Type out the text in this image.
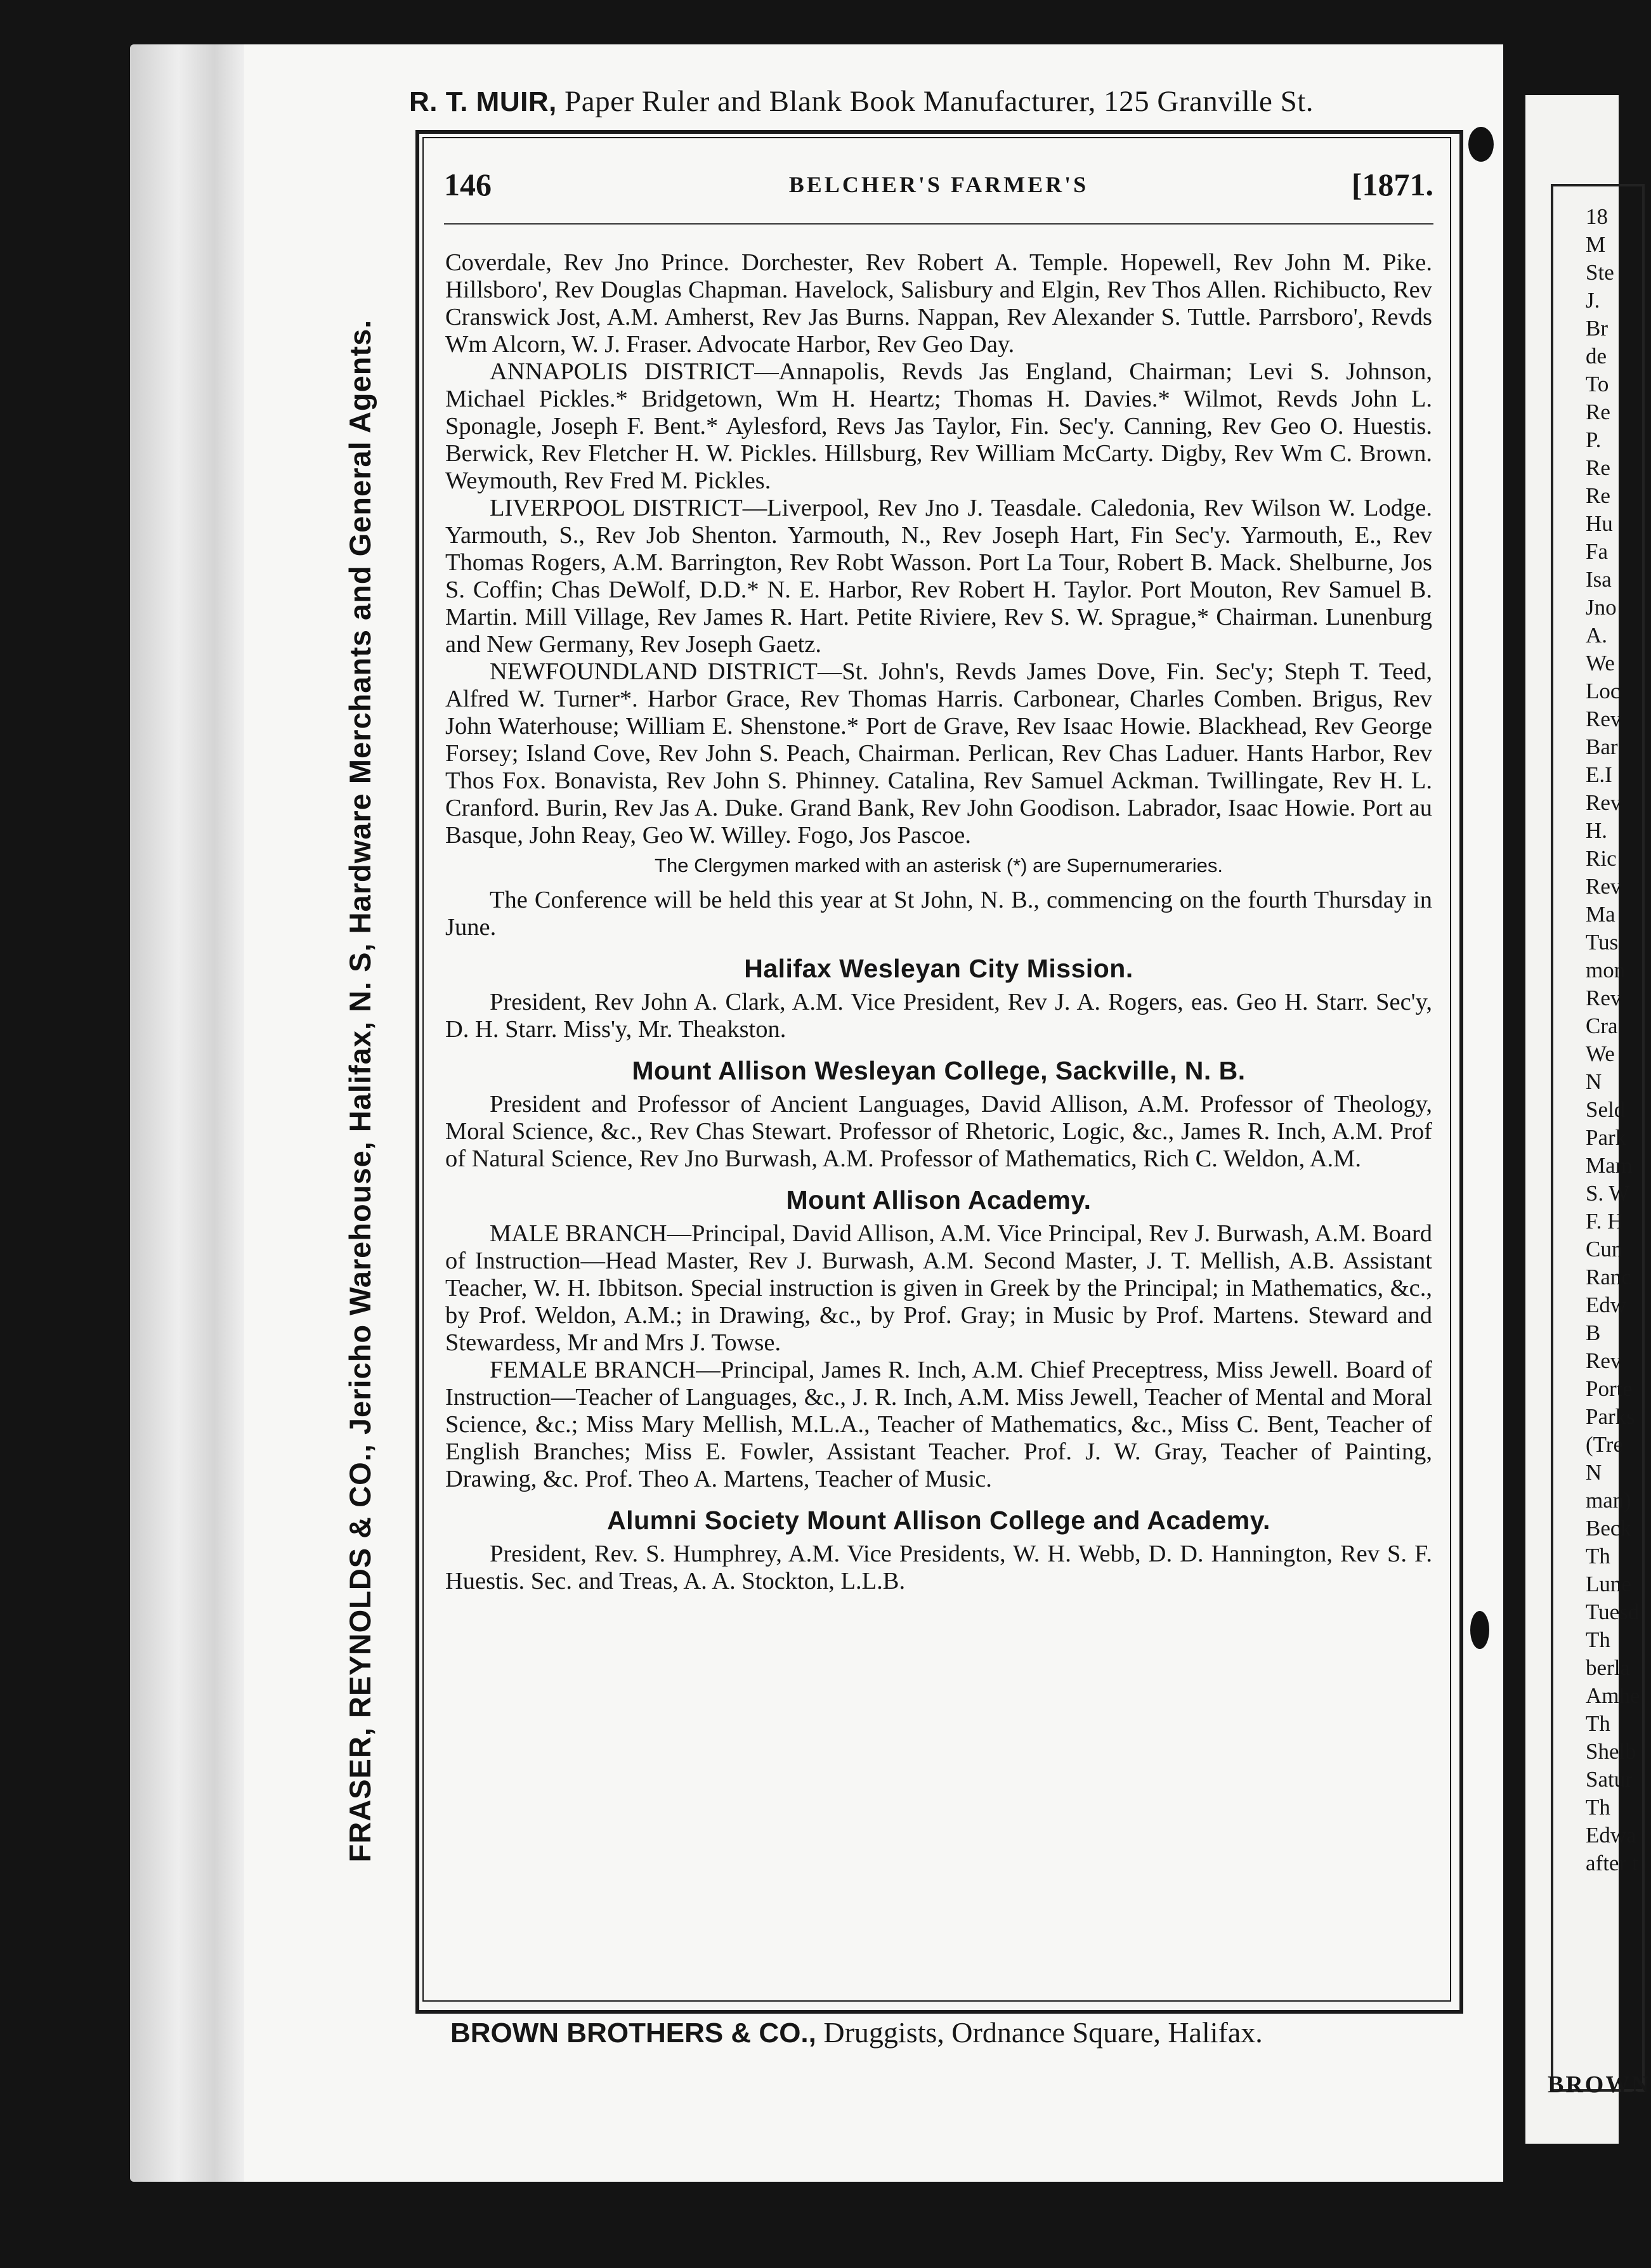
18
M
Ste
J.
Br
de
To
Re
P.
Re
Re
Hu
Fa
Isa
Jno
A.
We
Loc
Rev
Bar
E.I
Rev
H.
Ric
Rev
Ma
Tus
mon
Rev
Cra
We
N
Seld
Park
Mam
S. W
F. H
Cun
Ranc
Edw
B
Rev
Porte
Parks
(Tre
N
man)
Beck
Th
Lune
Tuesd
Th
berla
Amhe
Th
Shelb
Satur
Th
Edwa
after t
BROWN
FRASER, REYNOLDS & CO., Jericho Warehouse, Halifax, N. S, Hardware Merchants and General Agents.
R. T. MUIR, Paper Ruler and Blank Book Manufacturer, 125 Granville St.
146	BELCHER'S FARMER'S	[1871.

Coverdale, Rev Jno Prince. Dorchester, Rev Robert A. Temple. Hopewell, Rev John M. Pike. Hillsboro', Rev Douglas Chapman. Havelock, Salisbury and Elgin, Rev Thos Allen. Richibucto, Rev Cranswick Jost, A.M. Amherst, Rev Jas Burns. Nappan, Rev Alexander S. Tuttle. Parrsboro', Revds Wm Alcorn, W. J. Fraser. Advocate Harbor, Rev Geo Day.

ANNAPOLIS DISTRICT—Annapolis, Revds Jas England, Chairman; Levi S. Johnson, Michael Pickles.* Bridgetown, Wm H. Heartz; Thomas H. Davies.* Wilmot, Revds John L. Sponagle, Joseph F. Bent.* Aylesford, Revs Jas Taylor, Fin. Sec'y. Canning, Rev Geo O. Huestis. Berwick, Rev Fletcher H. W. Pickles. Hillsburg, Rev William McCarty. Digby, Rev Wm C. Brown. Weymouth, Rev Fred M. Pickles.

LIVERPOOL DISTRICT—Liverpool, Rev Jno J. Teasdale. Caledonia, Rev Wilson W. Lodge. Yarmouth, S., Rev Job Shenton. Yarmouth, N., Rev Joseph Hart, Fin Sec'y. Yarmouth, E., Rev Thomas Rogers, A.M. Barrington, Rev Robt Wasson. Port La Tour, Robert B. Mack. Shelburne, Jos S. Coffin; Chas DeWolf, D.D.* N. E. Harbor, Rev Robert H. Taylor. Port Mouton, Rev Samuel B. Martin. Mill Village, Rev James R. Hart. Petite Riviere, Rev S. W. Sprague,* Chairman. Lunenburg and New Germany, Rev Joseph Gaetz.

NEWFOUNDLAND DISTRICT—St. John's, Revds James Dove, Fin. Sec'y; Steph T. Teed, Alfred W. Turner*. Harbor Grace, Rev Thomas Harris. Carbonear, Charles Comben. Brigus, Rev John Waterhouse; William E. Shenstone.* Port de Grave, Rev Isaac Howie. Blackhead, Rev George Forsey; Island Cove, Rev John S. Peach, Chairman. Perlican, Rev Chas Laduer. Hants Harbor, Rev Thos Fox. Bonavista, Rev John S. Phinney. Catalina, Rev Samuel Ackman. Twillingate, Rev H. L. Cranford. Burin, Rev Jas A. Duke. Grand Bank, Rev John Goodison. Labrador, Isaac Howie. Port au Basque, John Reay, Geo W. Willey. Fogo, Jos Pascoe.

The Clergymen marked with an asterisk (*) are Supernumeraries.

The Conference will be held this year at St John, N. B., commencing on the fourth Thursday in June.

Halifax Wesleyan City Mission.

President, Rev John A. Clark, A.M. Vice President, Rev J. A. Rogers, eas. Geo H. Starr. Sec'y, D. H. Starr. Miss'y, Mr. Theakston.

Mount Allison Wesleyan College, Sackville, N. B.

President and Professor of Ancient Languages, David Allison, A.M. Professor of Theology, Moral Science, &c., Rev Chas Stewart. Professor of Rhetoric, Logic, &c., James R. Inch, A.M. Prof of Natural Science, Rev Jno Burwash, A.M. Professor of Mathematics, Rich C. Weldon, A.M.

Mount Allison Academy.

MALE BRANCH—Principal, David Allison, A.M. Vice Principal, Rev J. Burwash, A.M. Board of Instruction—Head Master, Rev J. Burwash, A.M. Second Master, J. T. Mellish, A.B. Assistant Teacher, W. H. Ibbitson. Special instruction is given in Greek by the Principal; in Mathematics, &c., by Prof. Weldon, A.M.; in Drawing, &c., by Prof. Gray; in Music by Prof. Martens. Steward and Stewardess, Mr and Mrs J. Towse.

FEMALE BRANCH—Principal, James R. Inch, A.M. Chief Preceptress, Miss Jewell. Board of Instruction—Teacher of Languages, &c., J. R. Inch, A.M. Miss Jewell, Teacher of Mental and Moral Science, &c.; Miss Mary Mellish, M.L.A., Teacher of Mathematics, &c., Miss C. Bent, Teacher of English Branches; Miss E. Fowler, Assistant Teacher. Prof. J. W. Gray, Teacher of Painting, Drawing, &c. Prof. Theo A. Martens, Teacher of Music.

Alumni Society Mount Allison College and Academy.

President, Rev. S. Humphrey, A.M. Vice Presidents, W. H. Webb, D. D. Hannington, Rev S. F. Huestis. Sec. and Treas, A. A. Stockton, L.L.B.

BROWN BROTHERS & CO., Druggists, Ordnance Square, Halifax.
